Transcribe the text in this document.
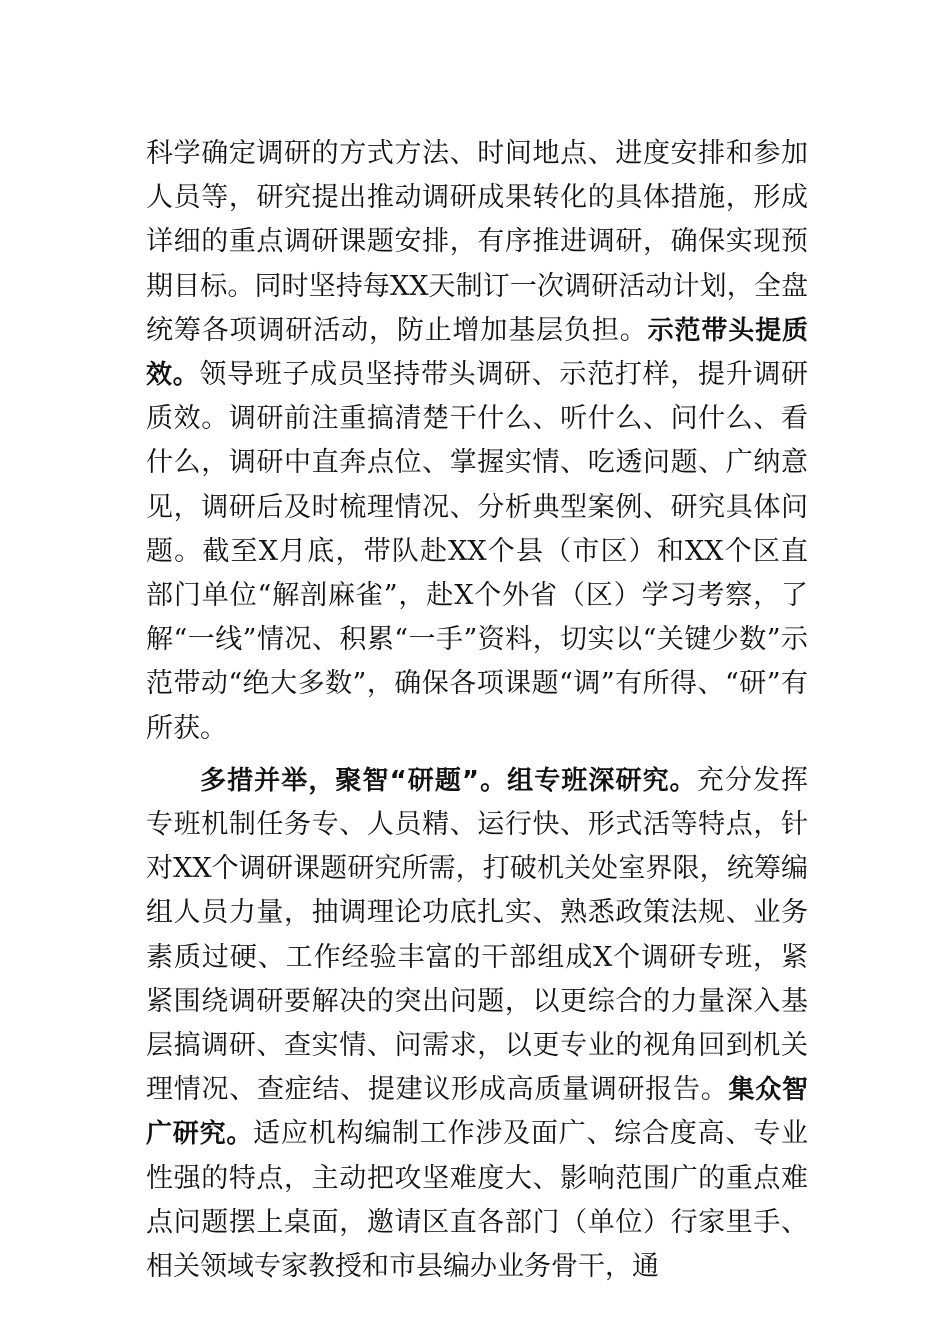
科学确定调研的方式方法、时间地点、进度安排和参加人员等，研究提出推动调研成果转化的具体措施，形成详细的重点调研课题安排，有序推进调研，确保实现预期目标。同时坚持每XX天制订一次调研活动计划，全盘统筹各项调研活动，防止增加基层负担。示范带头提质效。领导班子成员坚持带头调研、示范打样，提升调研质效。调研前注重搞清楚干什么、听什么、问什么、看什么，调研中直奔点位、掌握实情、吃透问题、广纳意见，调研后及时梳理情况、分析典型案例、研究具体问题。截至X月底，带队赴XX个县（市区）和XX个区直部门单位“解剖麻雀”，赴X个外省（区）学习考察，了解“一线”情况、积累“一手”资料，切实以“关键少数”示范带动“绝大多数”，确保各项课题“调”有所得、“研”有所获。

多措并举，聚智“研题”。组专班深研究。充分发挥专班机制任务专、人员精、运行快、形式活等特点，针对XX个调研课题研究所需，打破机关处室界限，统筹编组人员力量，抽调理论功底扎实、熟悉政策法规、业务素质过硬、工作经验丰富的干部组成X个调研专班，紧紧围绕调研要解决的突出问题，以更综合的力量深入基层搞调研、查实情、问需求，以更专业的视角回到机关理情况、查症结、提建议形成高质量调研报告。集众智广研究。适应机构编制工作涉及面广、综合度高、专业性强的特点，主动把攻坚难度大、影响范围广的重点难点问题摆上桌面，邀请区直各部门（单位）行家里手、相关领域专家教授和市县编办业务骨干，通
